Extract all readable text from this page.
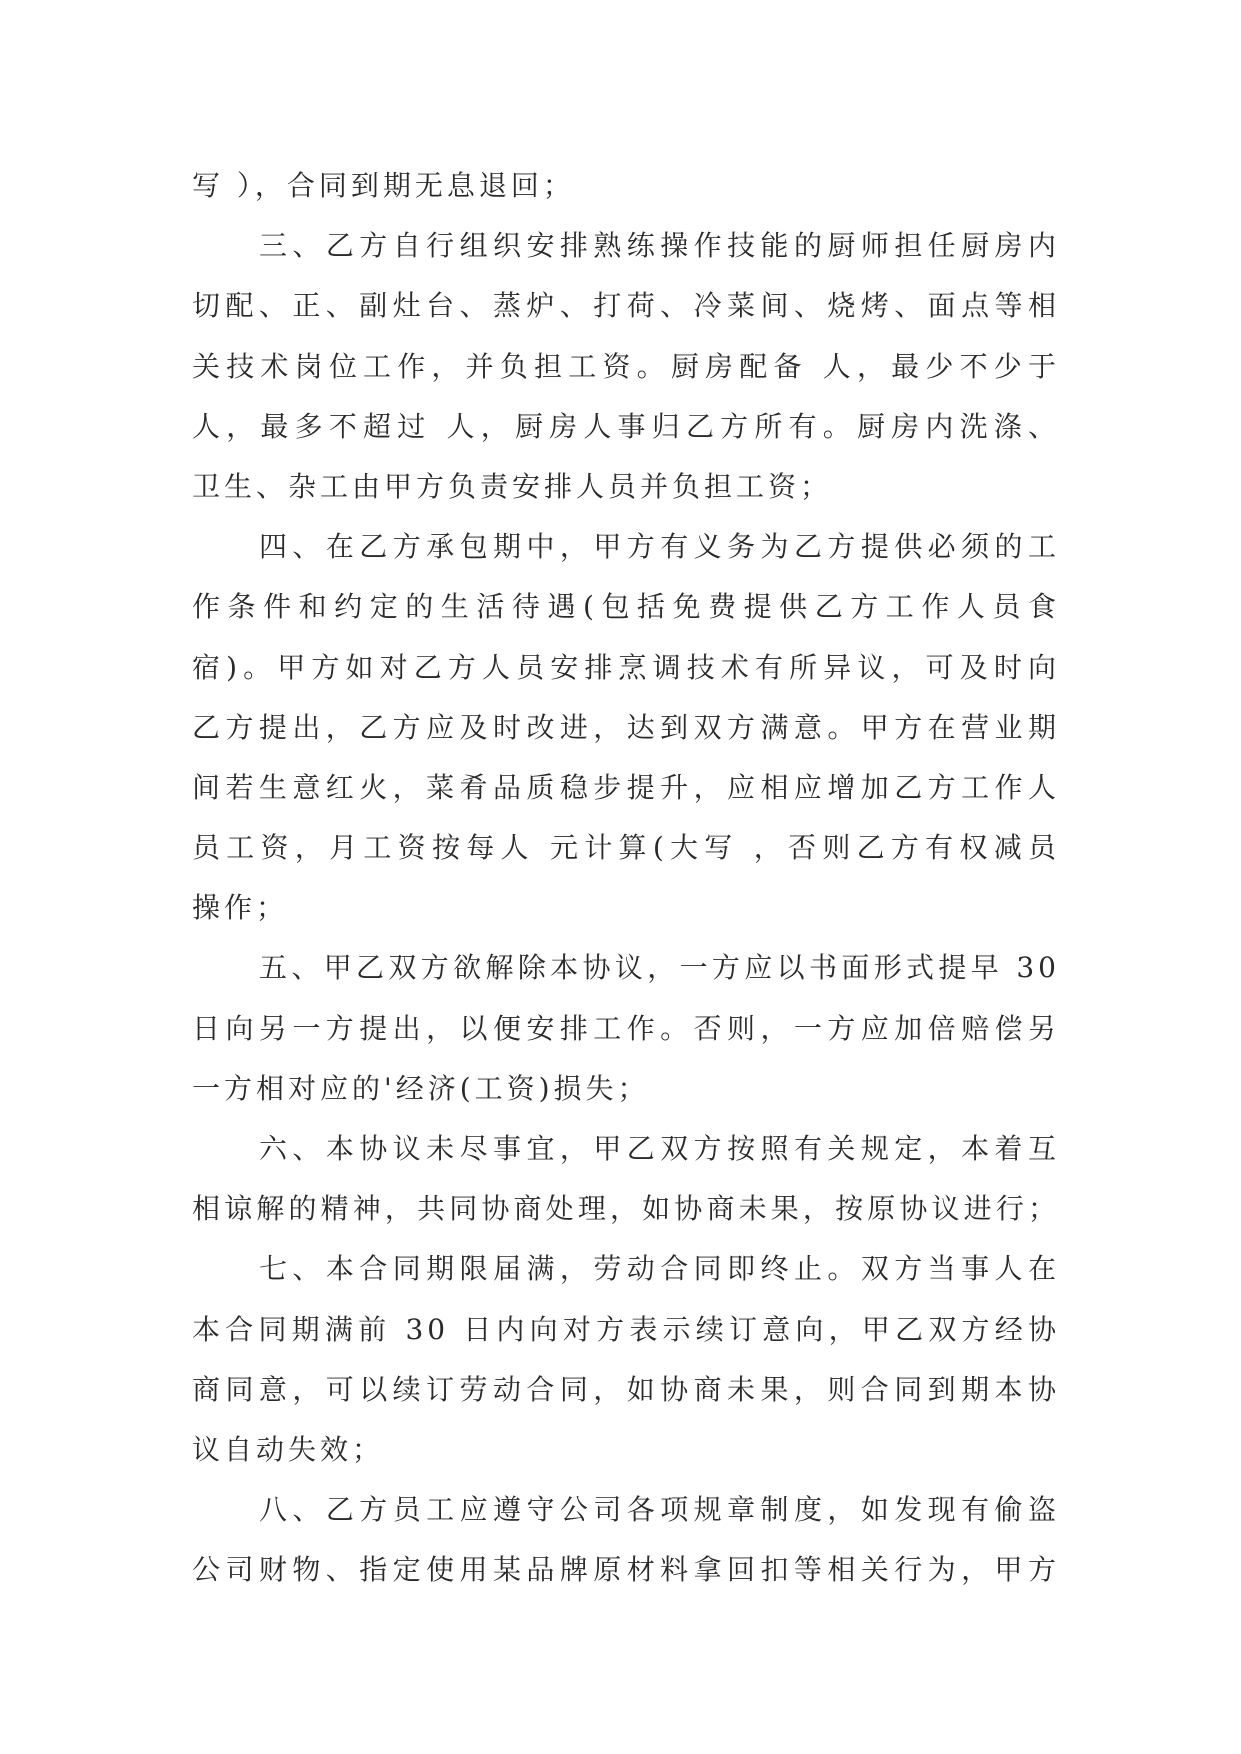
写 ），合同到期无息退回；
三、乙方自行组织安排熟练操作技能的厨师担任厨房内
切配、正、副灶台、蒸炉、打荷、冷菜间、烧烤、面点等相
关技术岗位工作，并负担工资。厨房配备 人，最少不少于
人，最多不超过 人，厨房人事归乙方所有。厨房内洗涤、
卫生、杂工由甲方负责安排人员并负担工资；
四、在乙方承包期中，甲方有义务为乙方提供必须的工
作条件和约定的生活待遇(包括免费提供乙方工作人员食
宿)。甲方如对乙方人员安排烹调技术有所异议，可及时向
乙方提出，乙方应及时改进，达到双方满意。甲方在营业期
间若生意红火，菜肴品质稳步提升，应相应增加乙方工作人
员工资，月工资按每人 元计算(大写 ，否则乙方有权减员
操作；
五、甲乙双方欲解除本协议，一方应以书面形式提早 30
日向另一方提出，以便安排工作。否则，一方应加倍赔偿另
一方相对应的'经济(工资)损失；
六、本协议未尽事宜，甲乙双方按照有关规定，本着互
相谅解的精神，共同协商处理，如协商未果，按原协议进行；
七、本合同期限届满，劳动合同即终止。双方当事人在
本合同期满前 30 日内向对方表示续订意向，甲乙双方经协
商同意，可以续订劳动合同，如协商未果，则合同到期本协
议自动失效；
八、乙方员工应遵守公司各项规章制度，如发现有偷盗
公司财物、指定使用某品牌原材料拿回扣等相关行为，甲方
